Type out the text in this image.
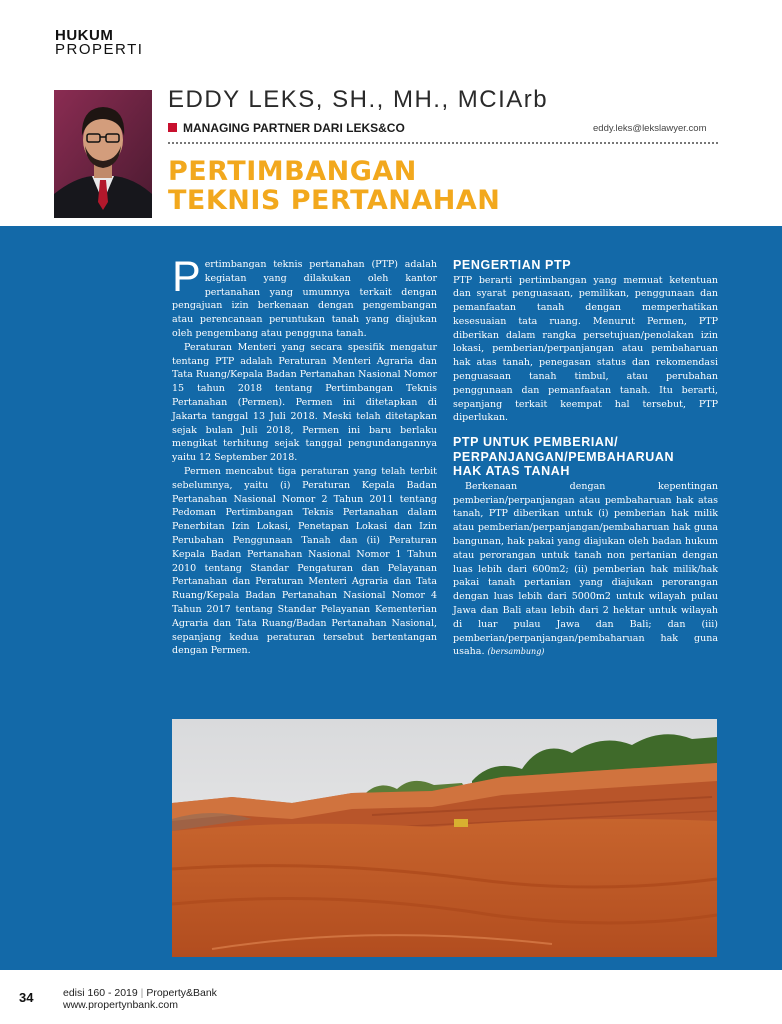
HUKUM
PROPERTI
EDDY LEKS, SH., MH., MCIArb
MANAGING PARTNER DARI LEKS&CO	eddy.leks@lekslawyer.com
PERTIMBANGAN
TEKNIS PERTANAHAN

Pertimbangan teknis pertanahan (PTP) adalah kegiatan yang dilakukan oleh kantor pertanahan yang umumnya terkait dengan pengajuan izin berkenaan dengan pengembangan atau perencanaan peruntukan tanah yang diajukan oleh pengembang atau pengguna tanah.

Peraturan Menteri yang secara spesifik mengatur tentang PTP adalah Peraturan Menteri Agraria dan Tata Ruang/Kepala Badan Pertanahan Nasional Nomor 15 tahun 2018 tentang Pertimbangan Teknis Pertanahan (Permen). Permen ini ditetapkan di Jakarta tanggal 13 Juli 2018. Meski telah ditetapkan sejak bulan Juli 2018, Permen ini baru berlaku mengikat terhitung sejak tanggal pengundangannya yaitu 12 September 2018.

Permen mencabut tiga peraturan yang telah terbit sebelumnya, yaitu (i) Peraturan Kepala Badan Pertanahan Nasional Nomor 2 Tahun 2011 tentang Pedoman Pertimbangan Teknis Pertanahan dalam Penerbitan Izin Lokasi, Penetapan Lokasi dan Izin Perubahan Penggunaan Tanah dan (ii) Peraturan Kepala Badan Pertanahan Nasional Nomor 1 Tahun 2010 tentang Standar Pengaturan dan Pelayanan Pertanahan dan Peraturan Menteri Agraria dan Tata Ruang/Kepala Badan Pertanahan Nasional Nomor 4 Tahun 2017 tentang Standar Pelayanan Kementerian Agraria dan Tata Ruang/Badan Pertanahan Nasional, sepanjang kedua peraturan tersebut bertentangan dengan Permen.

PENGERTIAN PTP

PTP berarti pertimbangan yang memuat ketentuan dan syarat penguasaan, pemilikan, penggunaan dan pemanfaatan tanah dengan memperhatikan kesesuaian tata ruang. Menurut Permen, PTP diberikan dalam rangka persetujuan/penolakan izin lokasi, pemberian/perpanjangan atau pembaharuan hak atas tanah, penegasan status dan rekomendasi penguasaan tanah timbul, atau perubahan penggunaan dan pemanfaatan tanah. Itu berarti, sepanjang terkait keempat hal tersebut, PTP diperlukan.

PTP UNTUK PEMBERIAN/
PERPANJANGAN/PEMBAHARUAN
HAK ATAS TANAH

Berkenaan dengan kepentingan pemberian/perpanjangan atau pembaharuan hak atas tanah, PTP diberikan untuk (i) pemberian hak milik atau pemberian/perpanjangan/pembaharuan hak guna bangunan, hak pakai yang diajukan oleh badan hukum atau perorangan untuk tanah non pertanian dengan luas lebih dari 600m2; (ii) pemberian hak milik/hak pakai tanah pertanian yang diajukan perorangan dengan luas lebih dari 5000m2 untuk wilayah pulau Jawa dan Bali atau lebih dari 2 hektar untuk wilayah di luar pulau Jawa dan Bali; dan (iii) pemberian/perpanjangan/pembaharuan hak guna usaha. (bersambung)

34	edisi 160 - 2019 | Property&Bank
www.propertynbank.com
